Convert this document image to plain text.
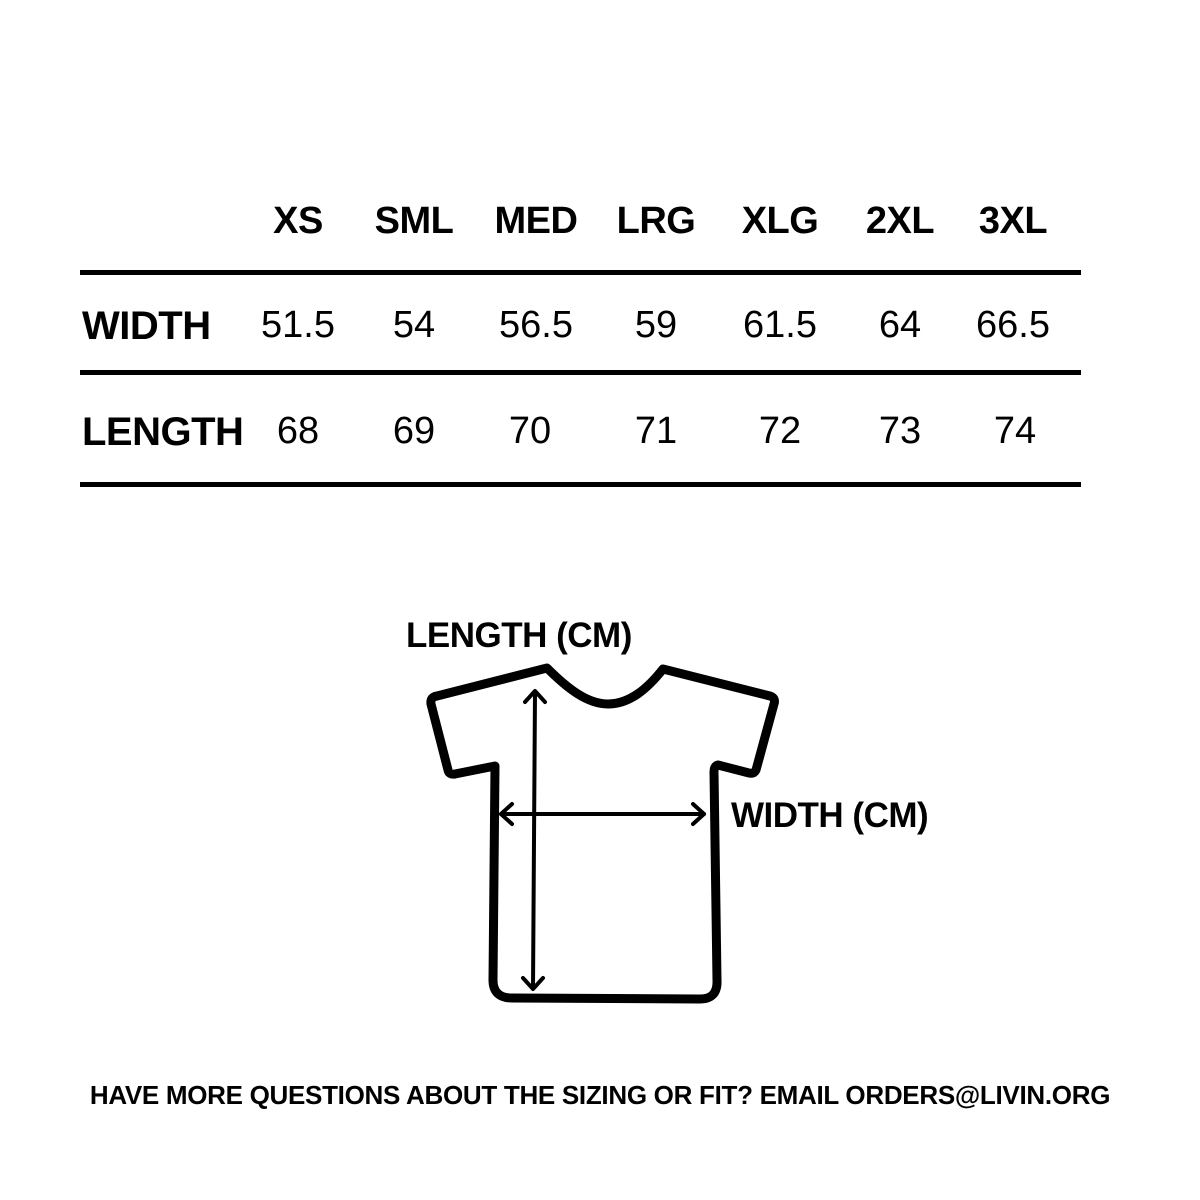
XS SML MED LRG XLG 2XL 3XL
WIDTH 51.5 54 56.5 59 61.5 64 66.5
LENGTH 68 69 70 71 72 73 74
LENGTH (CM)
WIDTH (CM)
HAVE MORE QUESTIONS ABOUT THE SIZING OR FIT? EMAIL ORDERS@LIVIN.ORG
